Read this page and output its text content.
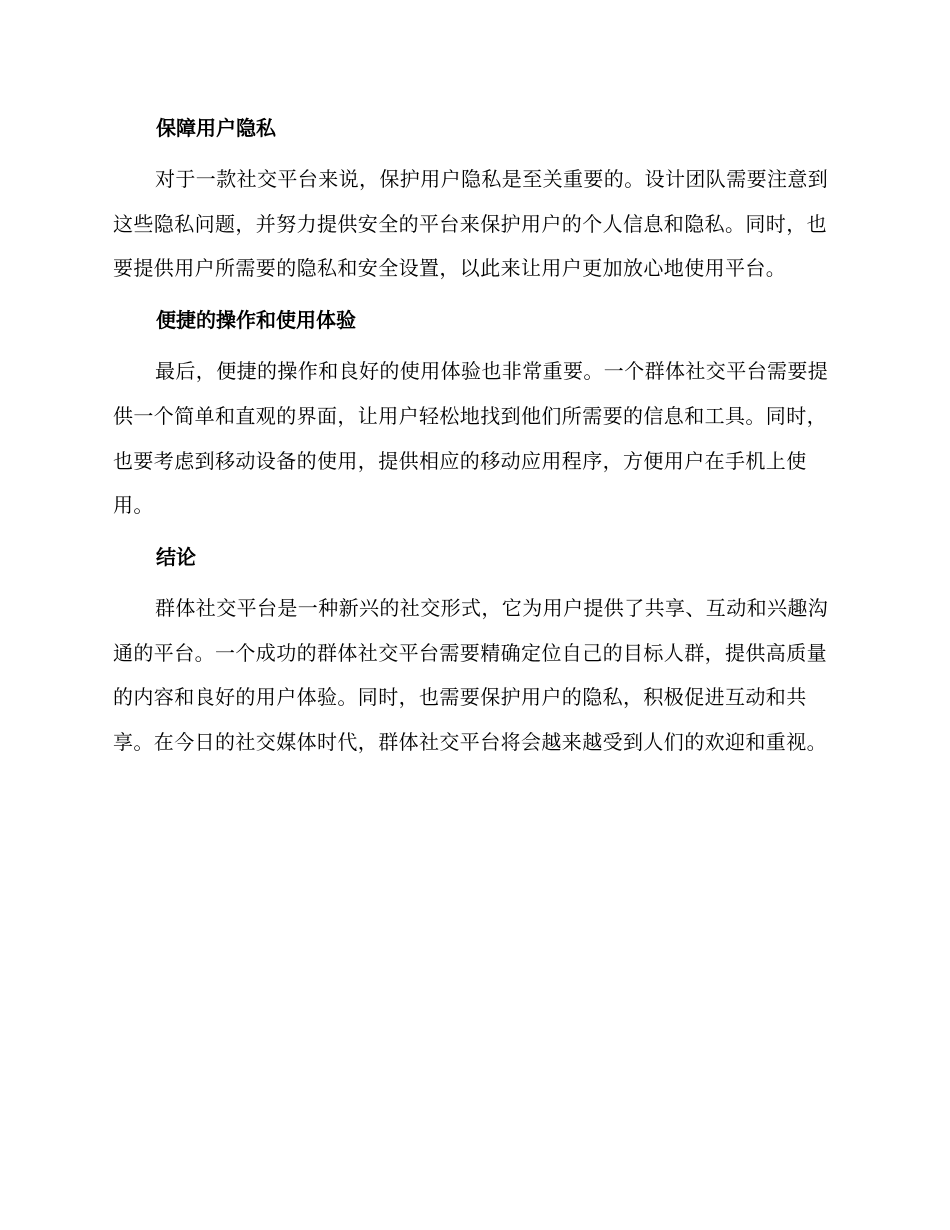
保障用户隐私

对于一款社交平台来说，保护用户隐私是至关重要的。设计团队需要注意到这些隐私问题，并努力提供安全的平台来保护用户的个人信息和隐私。同时，也要提供用户所需要的隐私和安全设置，以此来让用户更加放心地使用平台。

便捷的操作和使用体验

最后，便捷的操作和良好的使用体验也非常重要。一个群体社交平台需要提供一个简单和直观的界面，让用户轻松地找到他们所需要的信息和工具。同时，也要考虑到移动设备的使用，提供相应的移动应用程序，方便用户在手机上使用。

结论

群体社交平台是一种新兴的社交形式，它为用户提供了共享、互动和兴趣沟通的平台。一个成功的群体社交平台需要精确定位自己的目标人群，提供高质量的内容和良好的用户体验。同时，也需要保护用户的隐私，积极促进互动和共享。在今日的社交媒体时代，群体社交平台将会越来越受到人们的欢迎和重视。
